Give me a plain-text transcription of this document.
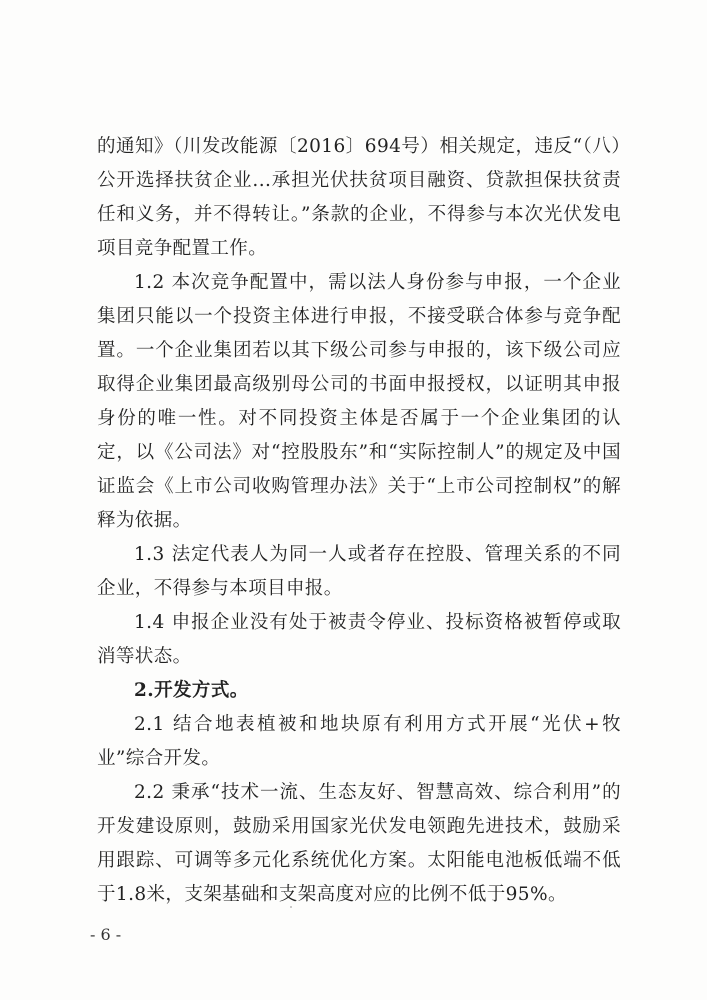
的通知》（川发改能源〔2016〕694号）相关规定，违反“（八）公开选择扶贫企业...承担光伏扶贫项目融资、贷款担保扶贫责任和义务，并不得转让。”条款的企业，不得参与本次光伏发电项目竞争配置工作。

1.2 本次竞争配置中，需以法人身份参与申报，一个企业集团只能以一个投资主体进行申报，不接受联合体参与竞争配置。一个企业集团若以其下级公司参与申报的，该下级公司应取得企业集团最高级别母公司的书面申报授权，以证明其申报身份的唯一性。对不同投资主体是否属于一个企业集团的认定，以《公司法》对“控股股东”和“实际控制人”的规定及中国证监会《上市公司收购管理办法》关于“上市公司控制权”的解释为依据。

1.3 法定代表人为同一人或者存在控股、管理关系的不同企业，不得参与本项目申报。

1.4 申报企业没有处于被责令停业、投标资格被暂停或取消等状态。

2.开发方式。

2.1 结合地表植被和地块原有利用方式开展“光伏+牧业”综合开发。

2.2 秉承“技术一流、生态友好、智慧高效、综合利用”的开发建设原则，鼓励采用国家光伏发电领跑先进技术，鼓励采用跟踪、可调等多元化系统优化方案。太阳能电池板低端不低于1.8米，支架基础和支架高度对应的比例不低于95%。

- 6 -
